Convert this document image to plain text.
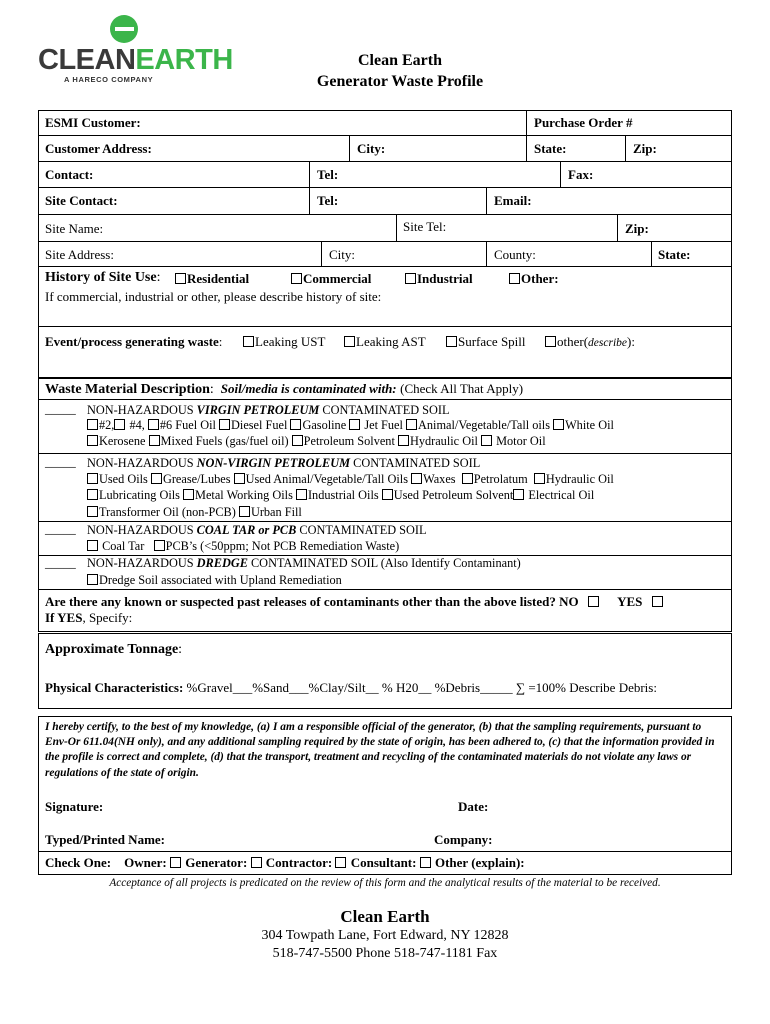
CLEANEARTH
A HARECO COMPANY
Clean Earth
Generator Waste Profile
ESMI Customer:	Purchase Order #
Customer Address:	City:	State:	Zip:
Contact:	Tel:	Fax:
Site Contact:	Tel:	Email:
Site Name:	Site Tel:	Zip:
Site Address:	City:	County:	State:
History of Site Use:	Residential	Commercial	Industrial	Other:
If commercial, industrial or other, please describe history of site:
Event/process generating waste:	Leaking UST	Leaking AST	Surface Spill	other(describe):
Waste Material Description: Soil/media is contaminated with: (Check All That Apply)
_____ NON-HAZARDOUS VIRGIN PETROLEUM CONTAMINATED SOIL
#2, #4, #6 Fuel Oil Diesel Fuel Gasoline Jet Fuel Animal/Vegetable/Tall oils White Oil
Kerosene Mixed Fuels (gas/fuel oil) Petroleum Solvent Hydraulic Oil Motor Oil
_____ NON-HAZARDOUS NON-VIRGIN PETROLEUM CONTAMINATED SOIL
Used Oils Grease/Lubes Used Animal/Vegetable/Tall Oils Waxes Petrolatum Hydraulic Oil
Lubricating Oils Metal Working Oils Industrial Oils Used Petroleum Solvent Electrical Oil
Transformer Oil (non-PCB) Urban Fill
_____ NON-HAZARDOUS COAL TAR or PCB CONTAMINATED SOIL
Coal Tar PCB’s (<50ppm; Not PCB Remediation Waste)
_____ NON-HAZARDOUS DREDGE CONTAMINATED SOIL (Also Identify Contaminant)
Dredge Soil associated with Upland Remediation
Are there any known or suspected past releases of contaminants other than the above listed? NO	YES
If YES, Specify:
Approximate Tonnage:
Physical Characteristics: %Gravel___%Sand___%Clay/Silt__ % H20__ %Debris_____ ∑ =100% Describe Debris:
I hereby certify, to the best of my knowledge, (a) I am a responsible official of the generator, (b) that the sampling requirements, pursuant to Env-Or 611.04(NH only), and any additional sampling required by the state of origin, has been adhered to, (c) that the information provided in the profile is correct and complete, (d) that the transport, treatment and recycling of the contaminated materials do not violate any laws or regulations of the state of origin.
Signature:	Date:
Typed/Printed Name:	Company:
Check One: Owner: Generator: Contractor: Consultant: Other (explain):
Acceptance of all projects is predicated on the review of this form and the analytical results of the material to be received.
Clean Earth
304 Towpath Lane, Fort Edward, NY 12828
518-747-5500 Phone 518-747-1181 Fax
